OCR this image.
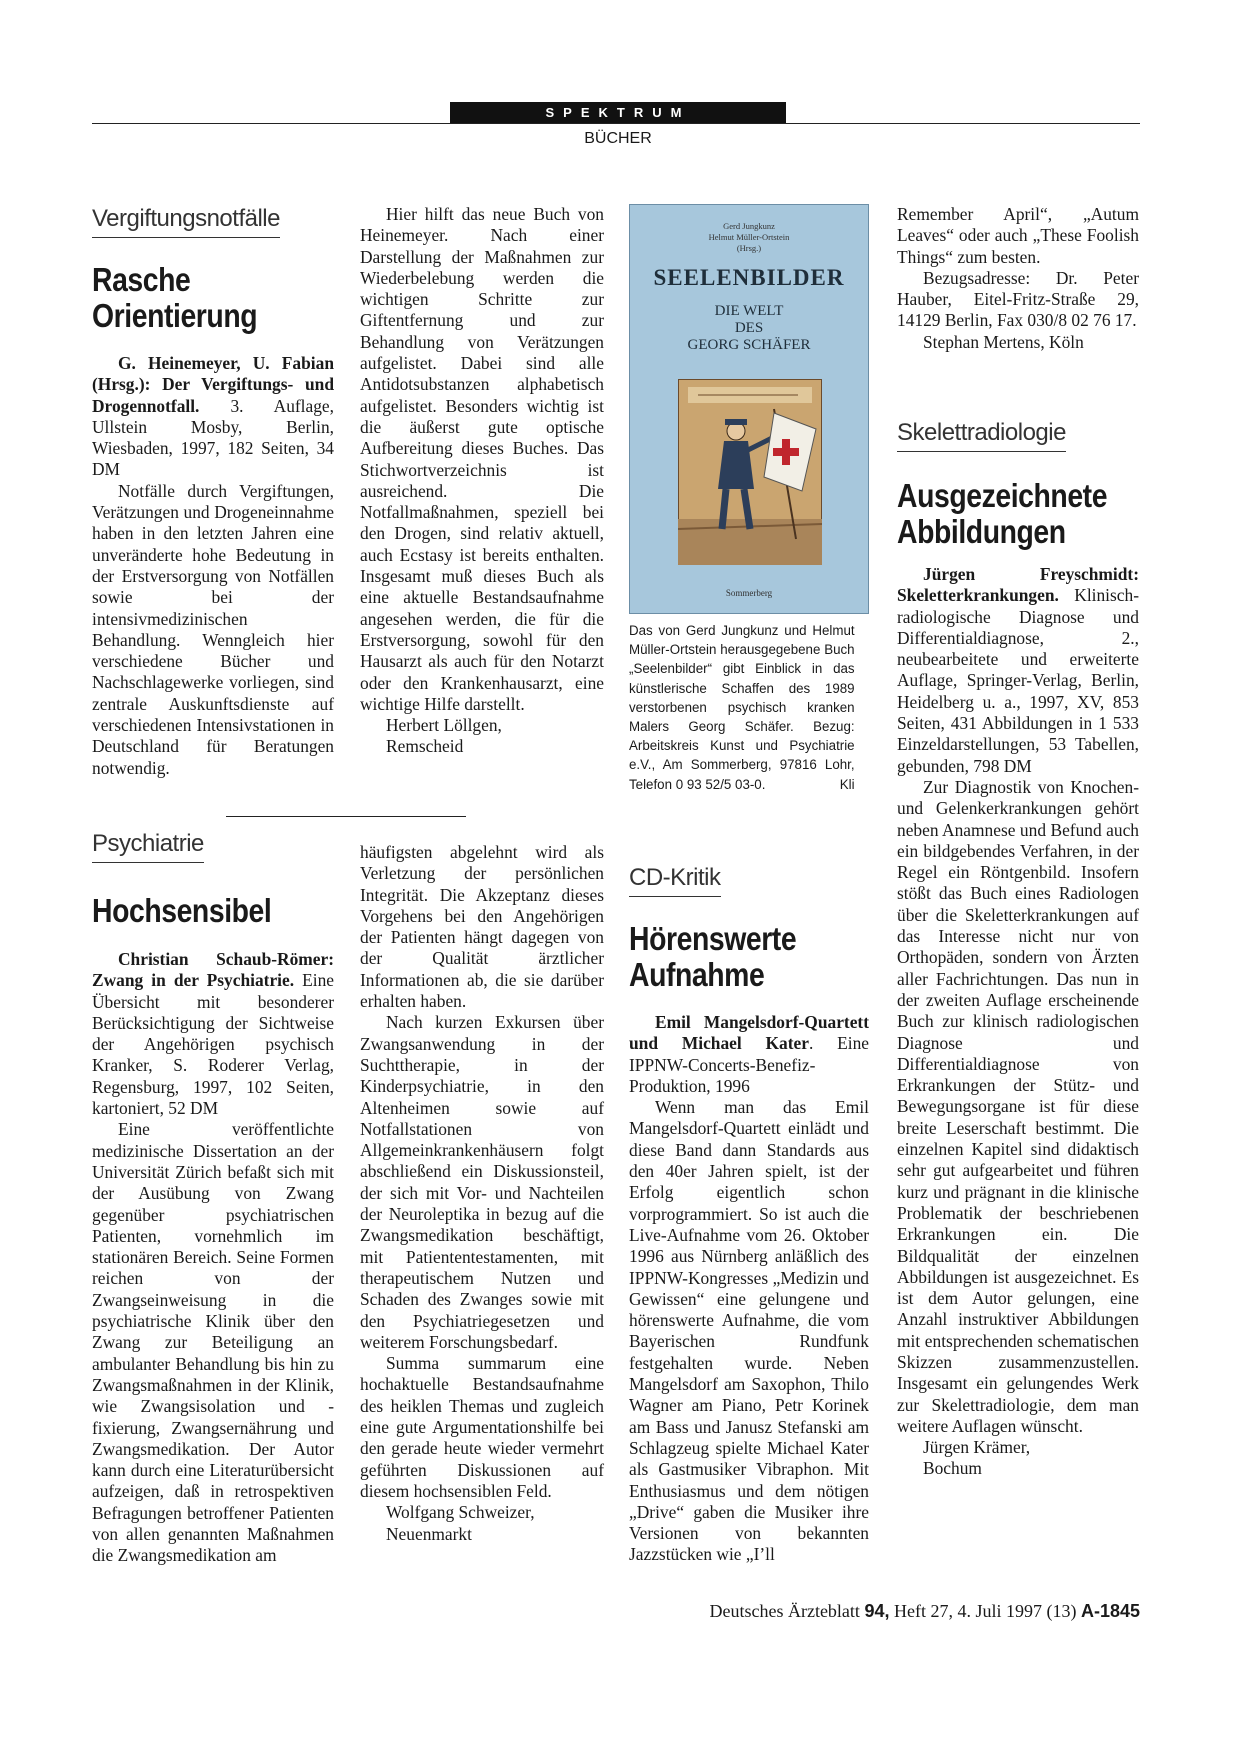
SPEKTRUM
BÜCHER
Vergiftungsnotfälle
Rasche
Orientierung

G. Heinemeyer, U. Fabian (Hrsg.): Der Vergiftungs- und Drogennotfall. 3. Auflage, Ullstein Mosby, Berlin, Wiesbaden, 1997, 182 Seiten, 34 DM

Notfälle durch Vergiftungen, Verätzungen und Drogeneinnahme haben in den letzten Jahren eine unveränderte hohe Bedeutung in der Erstversorgung von Notfällen sowie bei der intensivmedizinischen Behandlung. Wenngleich hier verschiedene Bücher und Nachschlagewerke vorliegen, sind zentrale Auskunftsdienste auf verschiedenen Intensivstationen in Deutschland für Beratungen notwendig.

Hier hilft das neue Buch von Heinemeyer. Nach einer Darstellung der Maßnahmen zur Wiederbelebung werden die wichtigen Schritte zur Giftentfernung und zur Behandlung von Verätzungen aufgelistet. Dabei sind alle Antidotsubstanzen alphabetisch aufgelistet. Besonders wichtig ist die äußerst gute optische Aufbereitung dieses Buches. Das Stichwortverzeichnis ist ausreichend. Die Notfallmaßnahmen, speziell bei den Drogen, sind relativ aktuell, auch Ecstasy ist bereits enthalten. Insgesamt muß dieses Buch als eine aktuelle Bestandsaufnahme angesehen werden, die für die Erstversorgung, sowohl für den Hausarzt als auch für den Notarzt oder den Krankenhausarzt, eine wichtige Hilfe darstellt.

Herbert Löllgen,

Remscheid

Psychiatrie
Hochsensibel

Christian Schaub-Römer: Zwang in der Psychiatrie. Eine Übersicht mit besonderer Berücksichtigung der Sichtweise der Angehörigen psychisch Kranker, S. Roderer Verlag, Regensburg, 1997, 102 Seiten, kartoniert, 52 DM

Eine veröffentlichte medizinische Dissertation an der Universität Zürich befaßt sich mit der Ausübung von Zwang gegenüber psychiatrischen Patienten, vornehmlich im stationären Bereich. Seine Formen reichen von der Zwangseinweisung in die psychiatrische Klinik über den Zwang zur Beteiligung an ambulanter Behandlung bis hin zu Zwangsmaßnahmen in der Klinik, wie Zwangsisolation und -fixierung, Zwangsernährung und Zwangsmedikation. Der Autor kann durch eine Literaturübersicht aufzeigen, daß in retrospektiven Befragungen betroffener Patienten von allen genannten Maßnahmen die Zwangsmedikation am

häufigsten abgelehnt wird als Verletzung der persönlichen Integrität. Die Akzeptanz dieses Vorgehens bei den Angehörigen der Patienten hängt dagegen von der Qualität ärztlicher Informationen ab, die sie darüber erhalten haben.

Nach kurzen Exkursen über Zwangsanwendung in der Suchttherapie, in der Kinderpsychiatrie, in den Altenheimen sowie auf Notfallstationen von Allgemeinkrankenhäusern folgt abschließend ein Diskussionsteil, der sich mit Vor- und Nachteilen der Neuroleptika in bezug auf die Zwangsmedikation beschäftigt, mit Patiententestamenten, mit therapeutischem Nutzen und Schaden des Zwanges sowie mit den Psychiatriegesetzen und weiterem Forschungsbedarf.

Summa summarum eine hochaktuelle Bestandsaufnahme des heiklen Themas und zugleich eine gute Argumentationshilfe bei den gerade heute wieder vermehrt geführten Diskussionen auf diesem hochsensiblen Feld.

Wolfgang Schweizer,

Neuenmarkt

Gerd Jungkunz
Helmut Müller-Ortstein
(Hrsg.)
SEELENBILDER
DIE WELT
DES
GEORG SCHÄFER
Sommerberg
Das von Gerd Jungkunz und Helmut Müller-Ortstein herausgegebene Buch „Seelenbilder“ gibt Einblick in das künstlerische Schaffen des 1989 verstorbenen psychisch kranken Malers Georg Schäfer. Bezug: Arbeitskreis Kunst und Psychiatrie e.V., Am Sommerberg, 97816 Lohr, Telefon 0 93 52/5 03-0.	Kli
CD-Kritik
Hörenswerte
Aufnahme

Emil Mangelsdorf-Quartett und Michael Kater. Eine IPPNW-Concerts-Benefiz-Produktion, 1996

Wenn man das Emil Mangelsdorf-Quartett einlädt und diese Band dann Standards aus den 40er Jahren spielt, ist der Erfolg eigentlich schon vorprogrammiert. So ist auch die Live-Aufnahme vom 26. Oktober 1996 aus Nürnberg anläßlich des IPPNW-Kongresses „Medizin und Gewissen“ eine gelungene und hörenswerte Aufnahme, die vom Bayerischen Rundfunk festgehalten wurde. Neben Mangelsdorf am Saxophon, Thilo Wagner am Piano, Petr Korinek am Bass und Janusz Stefanski am Schlagzeug spielte Michael Kater als Gastmusiker Vibraphon. Mit Enthusiasmus und dem nötigen „Drive“ gaben die Musiker ihre Versionen von bekannten Jazzstücken wie „I’ll

Remember April“, „Autum Leaves“ oder auch „These Foolish Things“ zum besten.

Bezugsadresse: Dr. Peter Hauber, Eitel-Fritz-Straße 29, 14129 Berlin, Fax 030/8 02 76 17.

Stephan Mertens, Köln

Skelettradiologie
Ausgezeichnete
Abbildungen

Jürgen Freyschmidt: Skeletterkrankungen. Klinisch-radiologische Diagnose und Differentialdiagnose, 2., neubearbeitete und erweiterte Auflage, Springer-Verlag, Berlin, Heidelberg u. a., 1997, XV, 853 Seiten, 431 Abbildungen in 1 533 Einzeldarstellungen, 53 Tabellen, gebunden, 798 DM

Zur Diagnostik von Knochen- und Gelenkerkrankungen gehört neben Anamnese und Befund auch ein bildgebendes Verfahren, in der Regel ein Röntgenbild. Insofern stößt das Buch eines Radiologen über die Skeletterkrankungen auf das Interesse nicht nur von Orthopäden, sondern von Ärzten aller Fachrichtungen. Das nun in der zweiten Auflage erscheinende Buch zur klinisch radiologischen Diagnose und Differentialdiagnose von Erkrankungen der Stütz- und Bewegungsorgane ist für diese breite Leserschaft bestimmt. Die einzelnen Kapitel sind didaktisch sehr gut aufgearbeitet und führen kurz und prägnant in die klinische Problematik der beschriebenen Erkrankungen ein. Die Bildqualität der einzelnen Abbildungen ist ausgezeichnet. Es ist dem Autor gelungen, eine Anzahl instruktiver Abbildungen mit entsprechenden schematischen Skizzen zusammenzustellen. Insgesamt ein gelungendes Werk zur Skelettradiologie, dem man weitere Auflagen wünscht.

Jürgen Krämer,

Bochum

Deutsches Ärzteblatt 94, Heft 27, 4. Juli 1997 (13) A-1845
